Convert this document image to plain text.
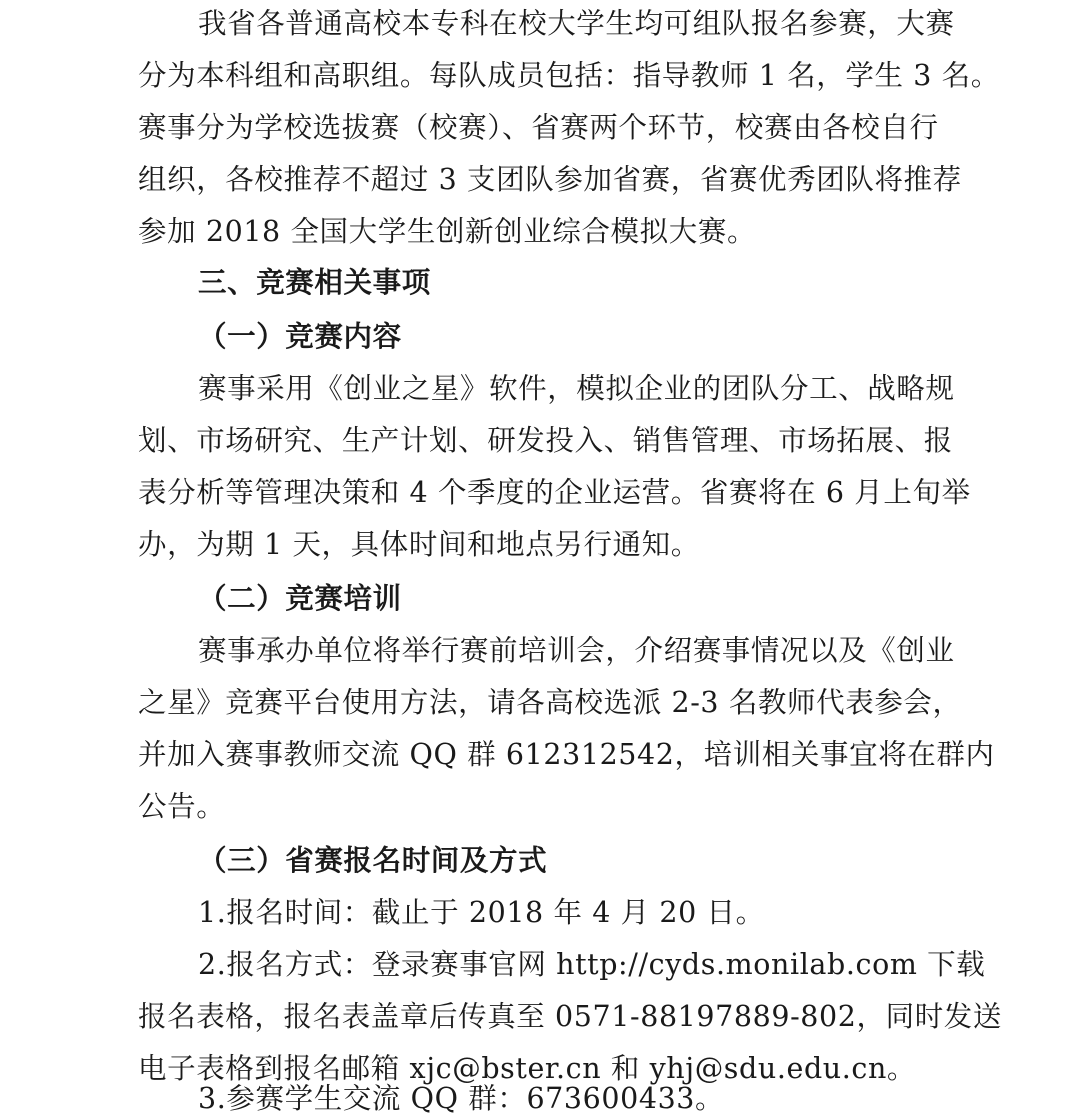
我省各普通高校本专科在校大学生均可组队报名参赛，大赛
分为本科组和高职组。每队成员包括：指导教师 1 名，学生 3 名。
赛事分为学校选拔赛（校赛）、省赛两个环节，校赛由各校自行
组织，各校推荐不超过 3 支团队参加省赛，省赛优秀团队将推荐
参加 2018 全国大学生创新创业综合模拟大赛。
三、竞赛相关事项
（一）竞赛内容
赛事采用《创业之星》软件，模拟企业的团队分工、战略规
划、市场研究、生产计划、研发投入、销售管理、市场拓展、报
表分析等管理决策和 4 个季度的企业运营。省赛将在 6 月上旬举
办，为期 1 天，具体时间和地点另行通知。
（二）竞赛培训
赛事承办单位将举行赛前培训会，介绍赛事情况以及《创业
之星》竞赛平台使用方法，请各高校选派 2-3 名教师代表参会，
并加入赛事教师交流 QQ 群 612312542，培训相关事宜将在群内
公告。
（三）省赛报名时间及方式
1.报名时间：截止于 2018 年 4 月 20 日。
2.报名方式：登录赛事官网 http://cyds.monilab.com 下载
报名表格，报名表盖章后传真至 0571-88197889-802，同时发送
电子表格到报名邮箱 xjc@bster.cn 和 yhj@sdu.edu.cn。
3.参赛学生交流 QQ 群：673600433。
